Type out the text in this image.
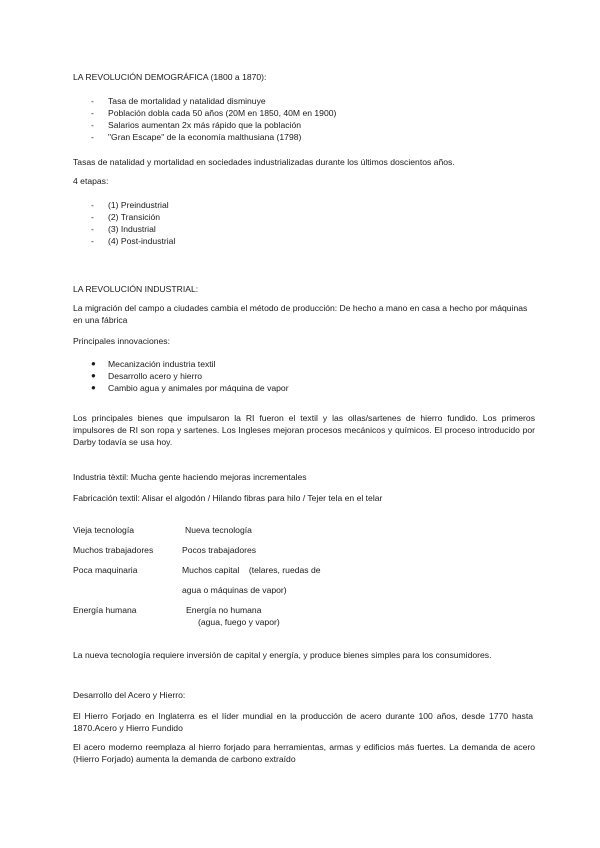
LA REVOLUCIÓN DEMOGRÁFICA (1800 a 1870):
- Tasa de mortalidad y natalidad disminuye
- Población dobla cada 50 años (20M en 1850, 40M en 1900)
- Salarios aumentan 2x más rápido que la población
- "Gran Escape" de la economía malthusiana (1798)
Tasas de natalidad y mortalidad en sociedades industrializadas durante los últimos doscientos años.
4 etapas:
- (1) Preindustrial
- (2) Transición
- (3) Industrial
- (4) Post-industrial
LA REVOLUCIÓN INDUSTRIAL:
La migración del campo a ciudades cambia el método de producción: De hecho a mano en casa a hecho por máquinas en una fábrica
Principales innovaciones:
● Mecanización industria textil
● Desarrollo acero y hierro
● Cambio agua y animales por máquina de vapor
Los principales bienes que impulsaron la RI fueron el textil y las ollas/sartenes de hierro fundido. Los primeros impulsores de RI son ropa y sartenes. Los Ingleses mejoran procesos mecánicos y químicos. El proceso introducido por Darby todavía se usa hoy.
Industria tèxtil: Mucha gente haciendo mejoras incrementales
Fabricación textil: Alisar el algodón / Hilando fibras para hilo / Tejer tela en el telar
Vieja tecnología	Nueva tecnología
Muchos trabajadores	Pocos trabajadores
Poca maquinaria	Muchos capital    (telares, ruedas de
agua o máquinas de vapor)
Energía humana	Energía no humana
(agua, fuego y vapor)
La nueva tecnología requiere inversión de capital y energía, y produce bienes simples para los consumidores.
Desarrollo del Acero y Hierro:
El Hierro Forjado en Inglaterra es el líder mundial en la producción de acero durante 100 años, desde 1770 hasta 1870.Acero y Hierro Fundido
El acero moderno reemplaza al hierro forjado para herramientas, armas y edificios más fuertes. La demanda de acero (Hierro Forjado) aumenta la demanda de carbono extraído
